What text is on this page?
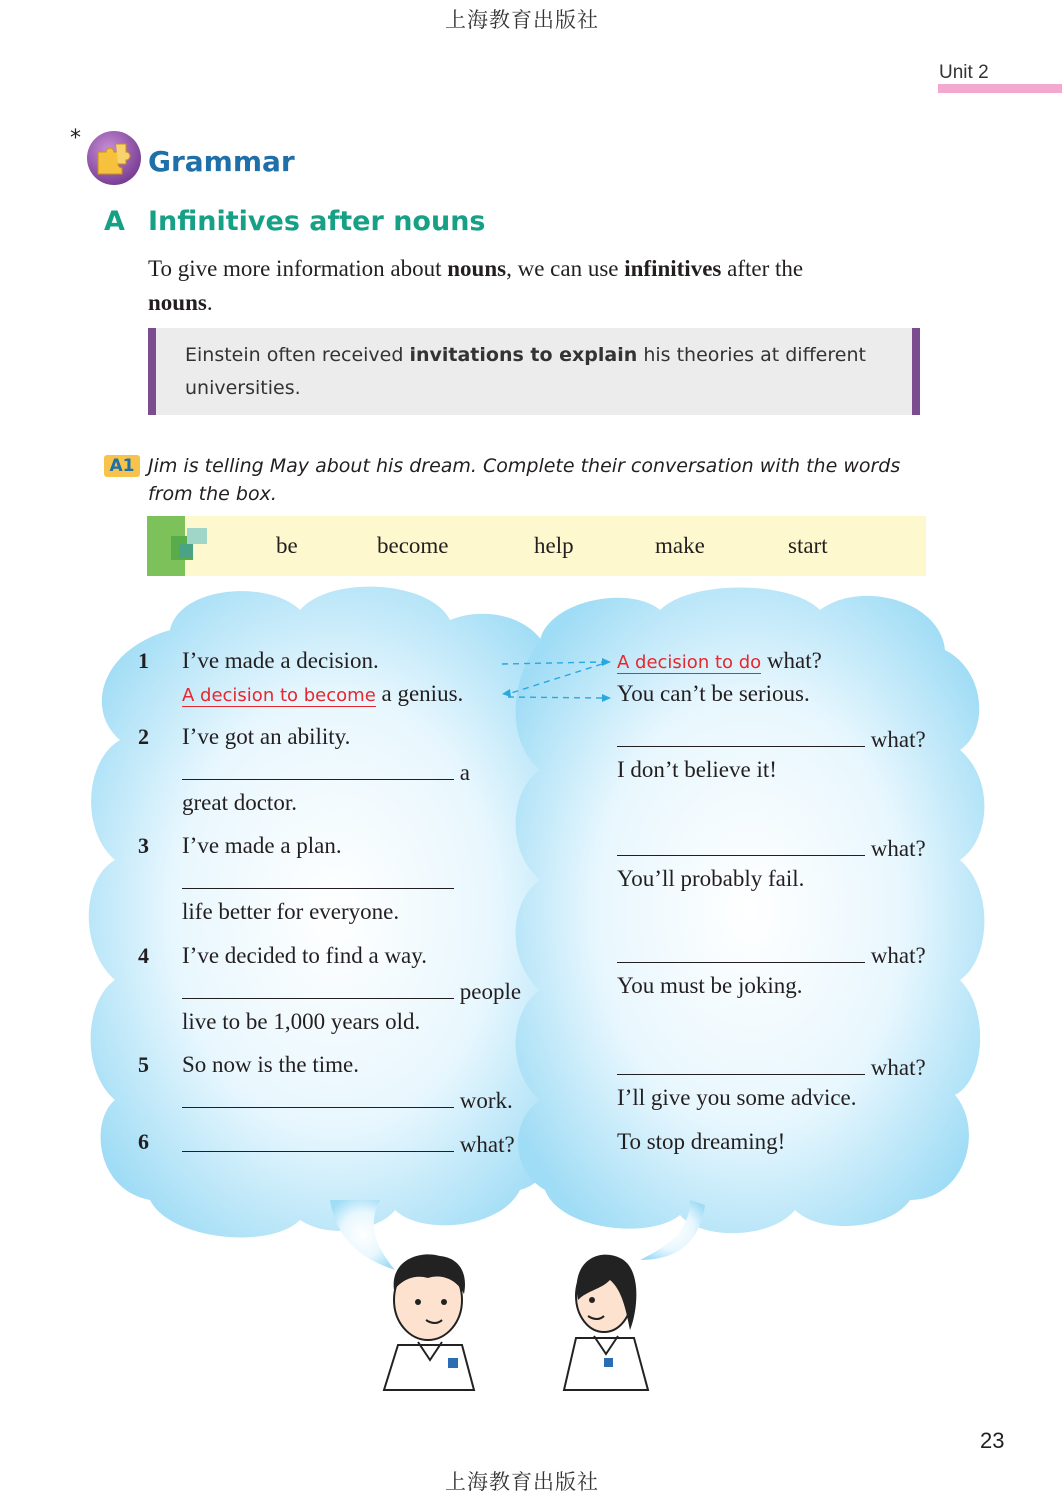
上海教育出版社
Unit 2
*
Grammar
A Infinitives after nouns
To give more information about nouns, we can use infinitives after the
nouns.
Einstein often received invitations to explain his theories at different
universities.
A1 Jim is telling May about his dream. Complete their conversation with the words
from the box.
be	become	help	make	start
1 I’ve made a decision.
A decision to become a genius.
2 I’ve got an ability.
a
great doctor.
3 I’ve made a plan.
life better for everyone.
4 I’ve decided to find a way.
people
live to be 1,000 years old.
5 So now is the time.
work.
6	what?
A decision to do what?
You can’t be serious.
what?
I don’t believe it!
what?
You’ll probably fail.
what?
You must be joking.
what?
I’ll give you some advice.
To stop dreaming!
23
上海教育出版社
